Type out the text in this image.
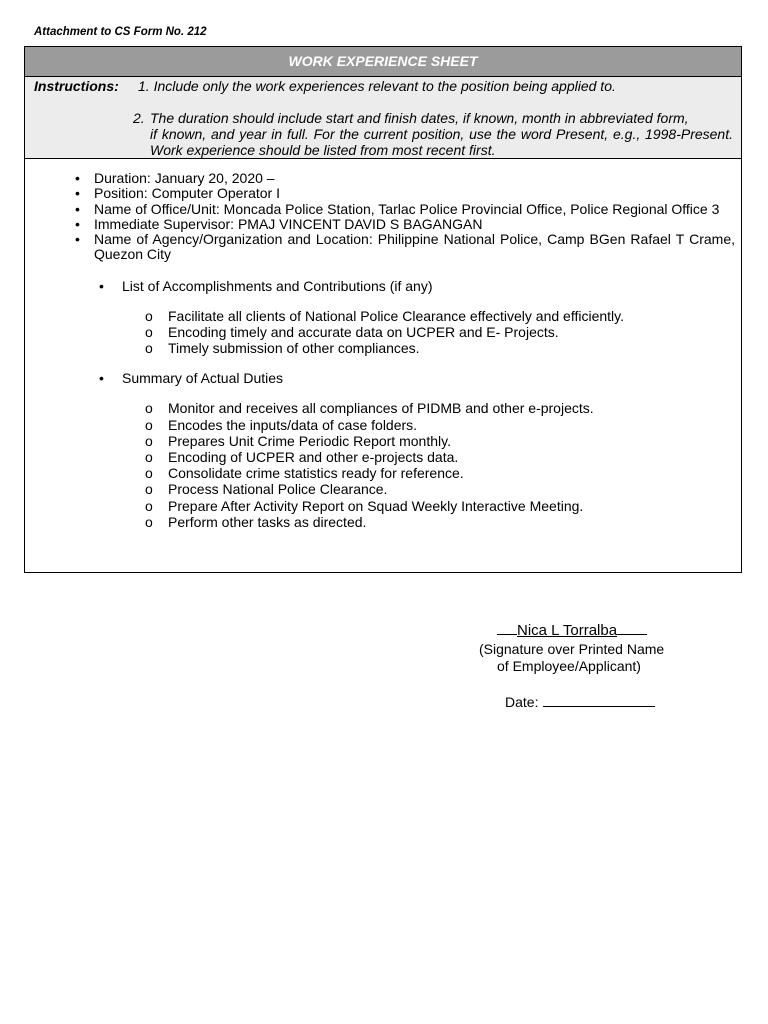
Attachment to CS Form No. 212
WORK EXPERIENCE SHEET
Instructions: 1. Include only the work experiences relevant to the position being applied to.
2. The duration should include start and finish dates, if known, month in abbreviated form,
if known, and year in full. For the current position, use the word Present, e.g., 1998-Present. Work experience should be listed from most recent first.
• Duration: January 20, 2020 –
• Position: Computer Operator I
• Name of Office/Unit: Moncada Police Station, Tarlac Police Provincial Office, Police Regional Office 3
• Immediate Supervisor: PMAJ VINCENT DAVID S BAGANGAN
• Name of Agency/Organization and Location: Philippine National Police, Camp BGen Rafael T Crame, Quezon City
• List of Accomplishments and Contributions (if any)
o Facilitate all clients of National Police Clearance effectively and efficiently.
o Encoding timely and accurate data on UCPER and E- Projects.
o Timely submission of other compliances.
• Summary of Actual Duties
o Monitor and receives all compliances of PIDMB and other e-projects.
o Encodes the inputs/data of case folders.
o Prepares Unit Crime Periodic Report monthly.
o Encoding of UCPER and other e-projects data.
o Consolidate crime statistics ready for reference.
o Process National Police Clearance.
o Prepare After Activity Report on Squad Weekly Interactive Meeting.
o Perform other tasks as directed.
Nica L Torralba
(Signature over Printed Name
of Employee/Applicant)
Date:
